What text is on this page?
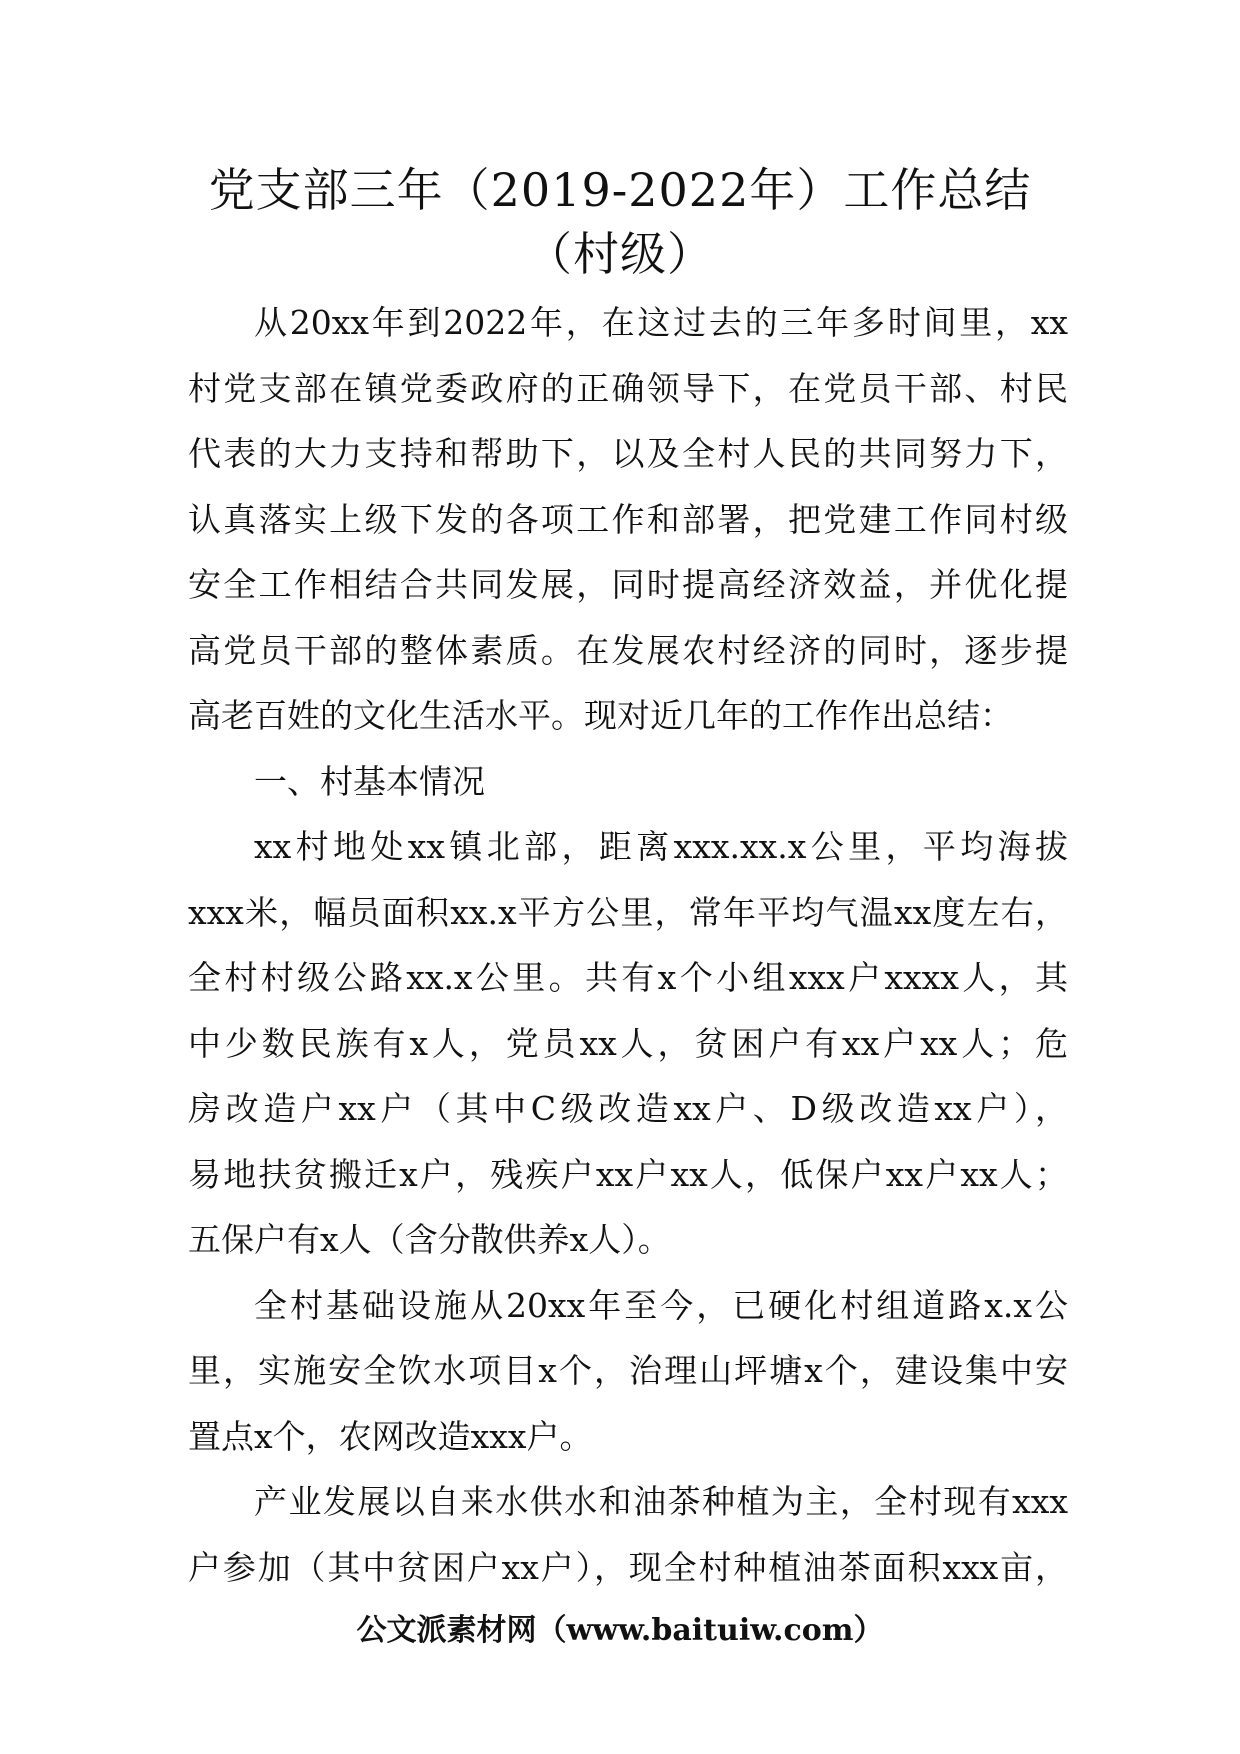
党支部三年（2019-2022年）工作总结
（村级）
从20xx年到2022年，在这过去的三年多时间里，xx
村党支部在镇党委政府的正确领导下，在党员干部、村民
代表的大力支持和帮助下，以及全村人民的共同努力下，
认真落实上级下发的各项工作和部署，把党建工作同村级
安全工作相结合共同发展，同时提高经济效益，并优化提
高党员干部的整体素质。在发展农村经济的同时，逐步提
高老百姓的文化生活水平。现对近几年的工作作出总结：
一、村基本情况
xx村地处xx镇北部，距离xxx.xx.x公里，平均海拔
xxx米，幅员面积xx.x平方公里，常年平均气温xx度左右，
全村村级公路xx.x公里。共有x个小组xxx户xxxx人，其
中少数民族有x人，党员xx人，贫困户有xx户xx人；危
房改造户xx户（其中C级改造xx户、D级改造xx户），
易地扶贫搬迁x户，残疾户xx户xx人，低保户xx户xx人；
五保户有x人（含分散供养x人）。
全村基础设施从20xx年至今，已硬化村组道路x.x公
里，实施安全饮水项目x个，治理山坪塘x个，建设集中安
置点x个，农网改造xxx户。
产业发展以自来水供水和油茶种植为主，全村现有xxx
户参加（其中贫困户xx户），现全村种植油茶面积xxx亩，
公文派素材网（www.baituiw.com）
